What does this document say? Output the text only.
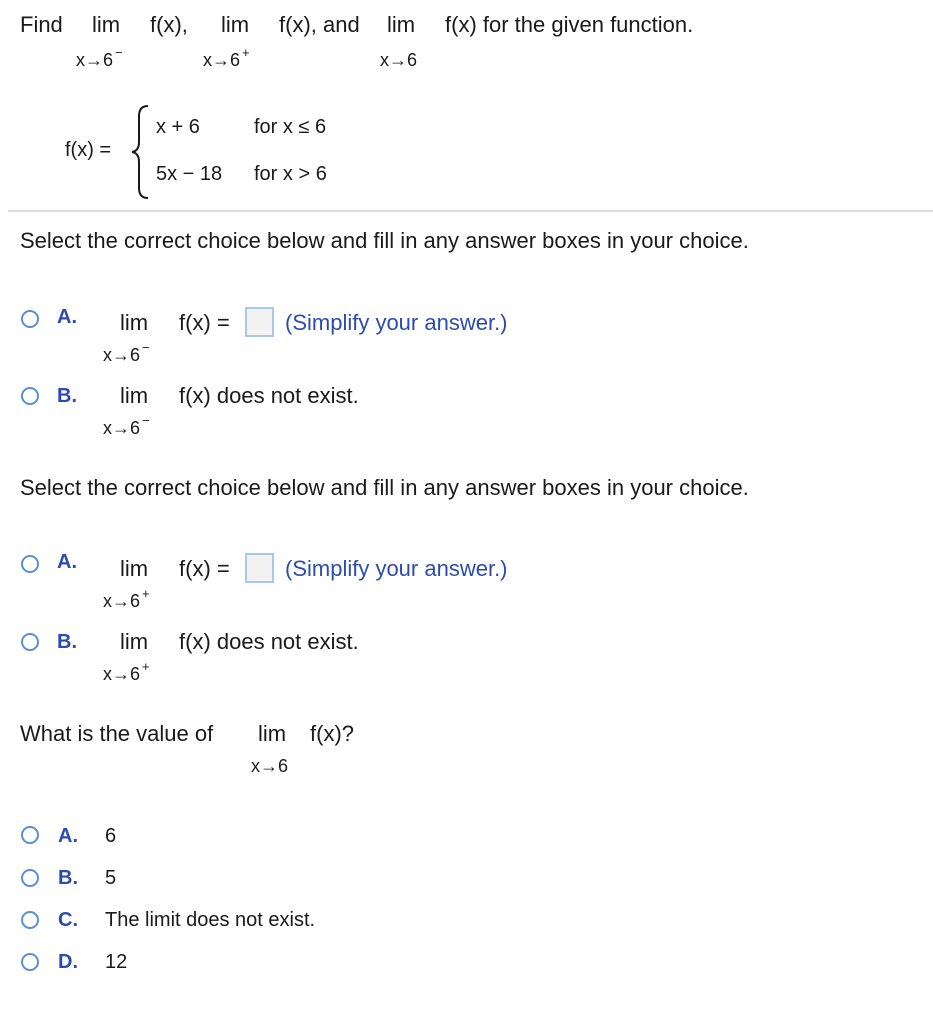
Find lim f(x), lim f(x), and lim f(x) for the given function.
x→6 −	x→6 +	x→6
f(x) =
x + 6	for x ≤ 6
5x − 18 for x > 6
Select the correct choice below and fill in any answer boxes in your choice.
A. lim f(x) =	(Simplify your answer.)
x→6 −
B. lim f(x) does not exist.
x→6 −
Select the correct choice below and fill in any answer boxes in your choice.
A. lim f(x) =	(Simplify your answer.)
x→6 +
B. lim f(x) does not exist.
x→6 +
What is the value of lim f(x)?
x→6
A. 6
B. 5
C. The limit does not exist.
D. 12
